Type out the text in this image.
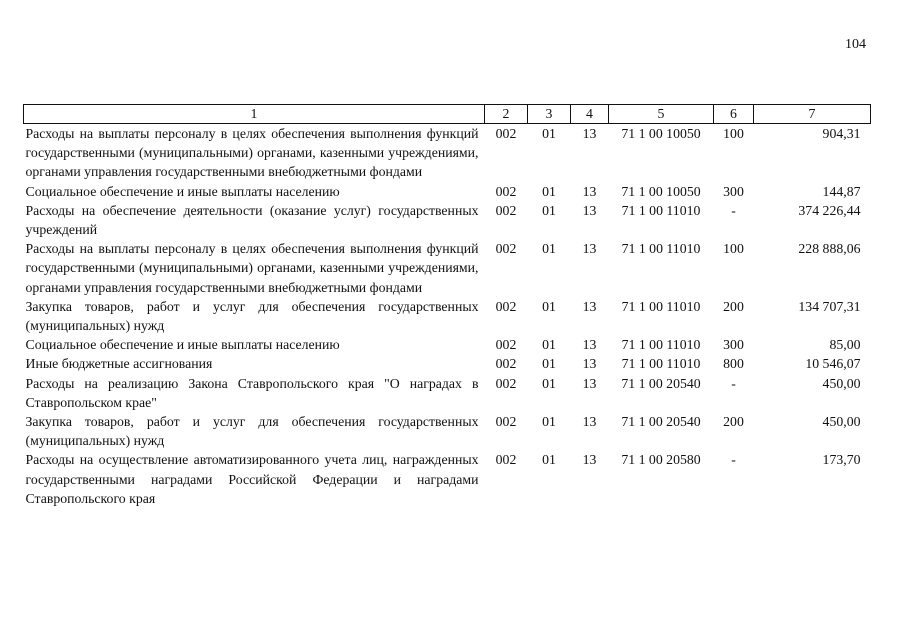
104
1	2	3	4	5	6	7
Расходы на выплаты персоналу в целях обеспечения выполнения функций государственными (муниципальными) органами, казенными учреждениями, органами управления государственными внебюджетными фондами	002	01	13	71 1 00 10050	100	904,31
Социальное обеспечение и иные выплаты населению	002	01	13	71 1 00 10050	300	144,87
Расходы на обеспечение деятельности (оказание услуг) государственных учреждений	002	01	13	71 1 00 11010	-	374 226,44
Расходы на выплаты персоналу в целях обеспечения выполнения функций государственными (муниципальными) органами, казенными учреждениями, органами управления государственными внебюджетными фондами	002	01	13	71 1 00 11010	100	228 888,06
Закупка товаров, работ и услуг для обеспечения государственных (муниципальных) нужд	002	01	13	71 1 00 11010	200	134 707,31
Социальное обеспечение и иные выплаты населению	002	01	13	71 1 00 11010	300	85,00
Иные бюджетные ассигнования	002	01	13	71 1 00 11010	800	10 546,07
Расходы на реализацию Закона Ставропольского края "О наградах в Ставропольском крае"	002	01	13	71 1 00 20540	-	450,00
Закупка товаров, работ и услуг для обеспечения государственных (муниципальных) нужд	002	01	13	71 1 00 20540	200	450,00
Расходы на осуществление автоматизированного учета лиц, награжденных государственными наградами Российской Федерации и наградами Ставропольского края	002	01	13	71 1 00 20580	-	173,70
